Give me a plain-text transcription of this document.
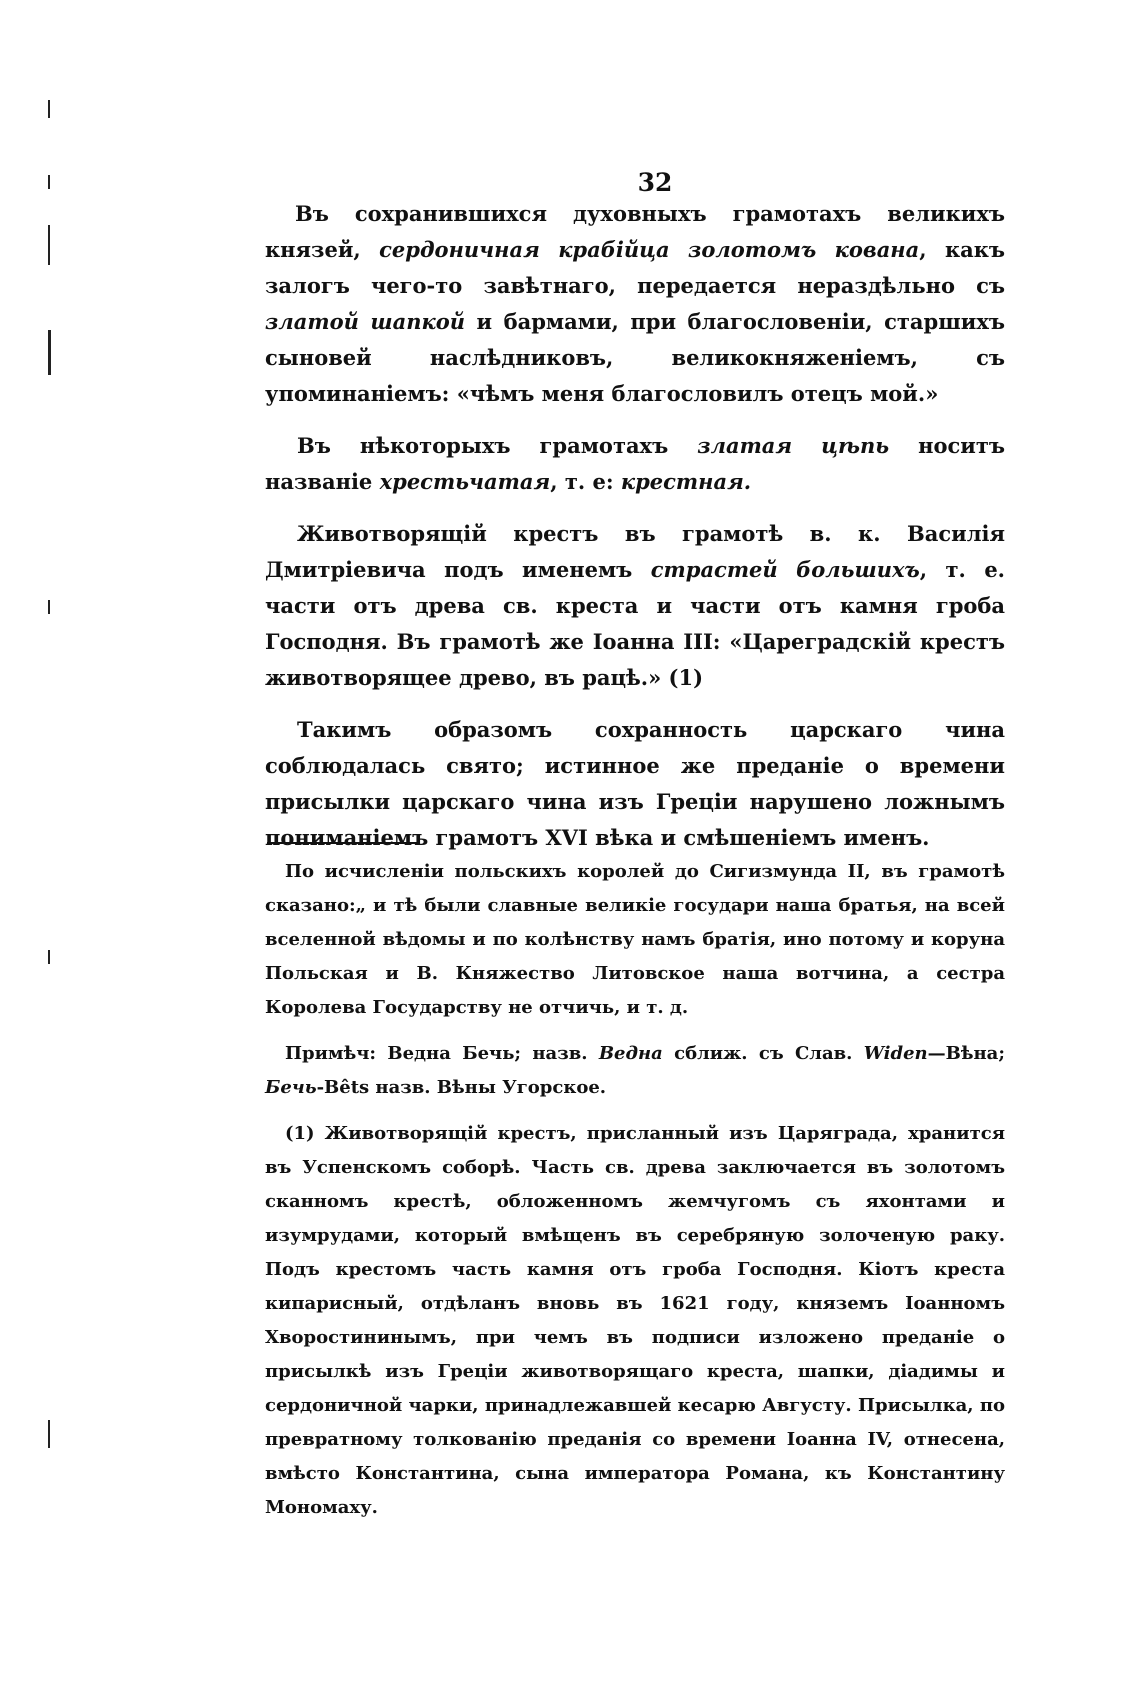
32

Въ сохранившихся духовныхъ грамотахъ великихъ князей, сердоничная крабійца золотомъ кована, какъ залогъ чего-то завѣтнаго, передается нераздѣльно съ златой шапкой и бармами, при благословеніи, старшихъ сыновей наслѣдниковъ, великокняженіемъ, съ упоминаніемъ: «чѣмъ меня благословилъ отецъ мой.»

Въ нѣкоторыхъ грамотахъ златая цѣпь носитъ названіе хрестьчатая, т. е: крестная.

Животворящій крестъ въ грамотѣ в. к. Василія Дмитріевича подъ именемъ страстей большихъ, т. е. части отъ древа св. креста и части отъ камня гроба Господня. Въ грамотѣ же Іоанна III: «Цареградскій крестъ животворящее древо, въ рацѣ.» (1)

Такимъ образомъ сохранность царскаго чина соблюдалась свято; истинное же преданіе о времени присылки царскаго чина изъ Греціи нарушено ложнымъ пониманіемъ грамотъ XVI вѣка и смѣшеніемъ именъ.

По исчисленіи польскихъ королей до Сигизмунда II, въ грамотѣ сказано:„ и тѣ были славные великіе государи наша братья, на всей вселенной вѣдомы и по колѣнству намъ братія, ино потому и коруна Польская и В. Княжество Литовское наша вотчина, а сестра Королева Государству не отчичь, и т. д.

Примѣч: Ведна Бечь; назв. Ведна сближ. съ Слав. Widen—Вѣна; Бечь-Bêts назв. Вѣны Угорское.

(1) Животворящій крестъ, присланный изъ Царяграда, хранится въ Успенскомъ соборѣ. Часть св. древа заключается въ золотомъ сканномъ крестѣ, обложенномъ жемчугомъ съ яхонтами и изумрудами, который вмѣщенъ въ серебряную золоченую раку. Подъ крестомъ часть камня отъ гроба Господня. Кіотъ креста кипарисный, отдѣланъ вновь въ 1621 году, княземъ Іоанномъ Хворостининымъ, при чемъ въ подписи изложено преданіе о присылкѣ изъ Греціи животворящаго креста, шапки, діадимы и сердоничной чарки, принадлежавшей кесарю Августу. Присылка, по превратному толкованію преданія со времени Іоанна IV, отнесена, вмѣсто Константина, сына императора Романа, къ Константину Мономаху.
